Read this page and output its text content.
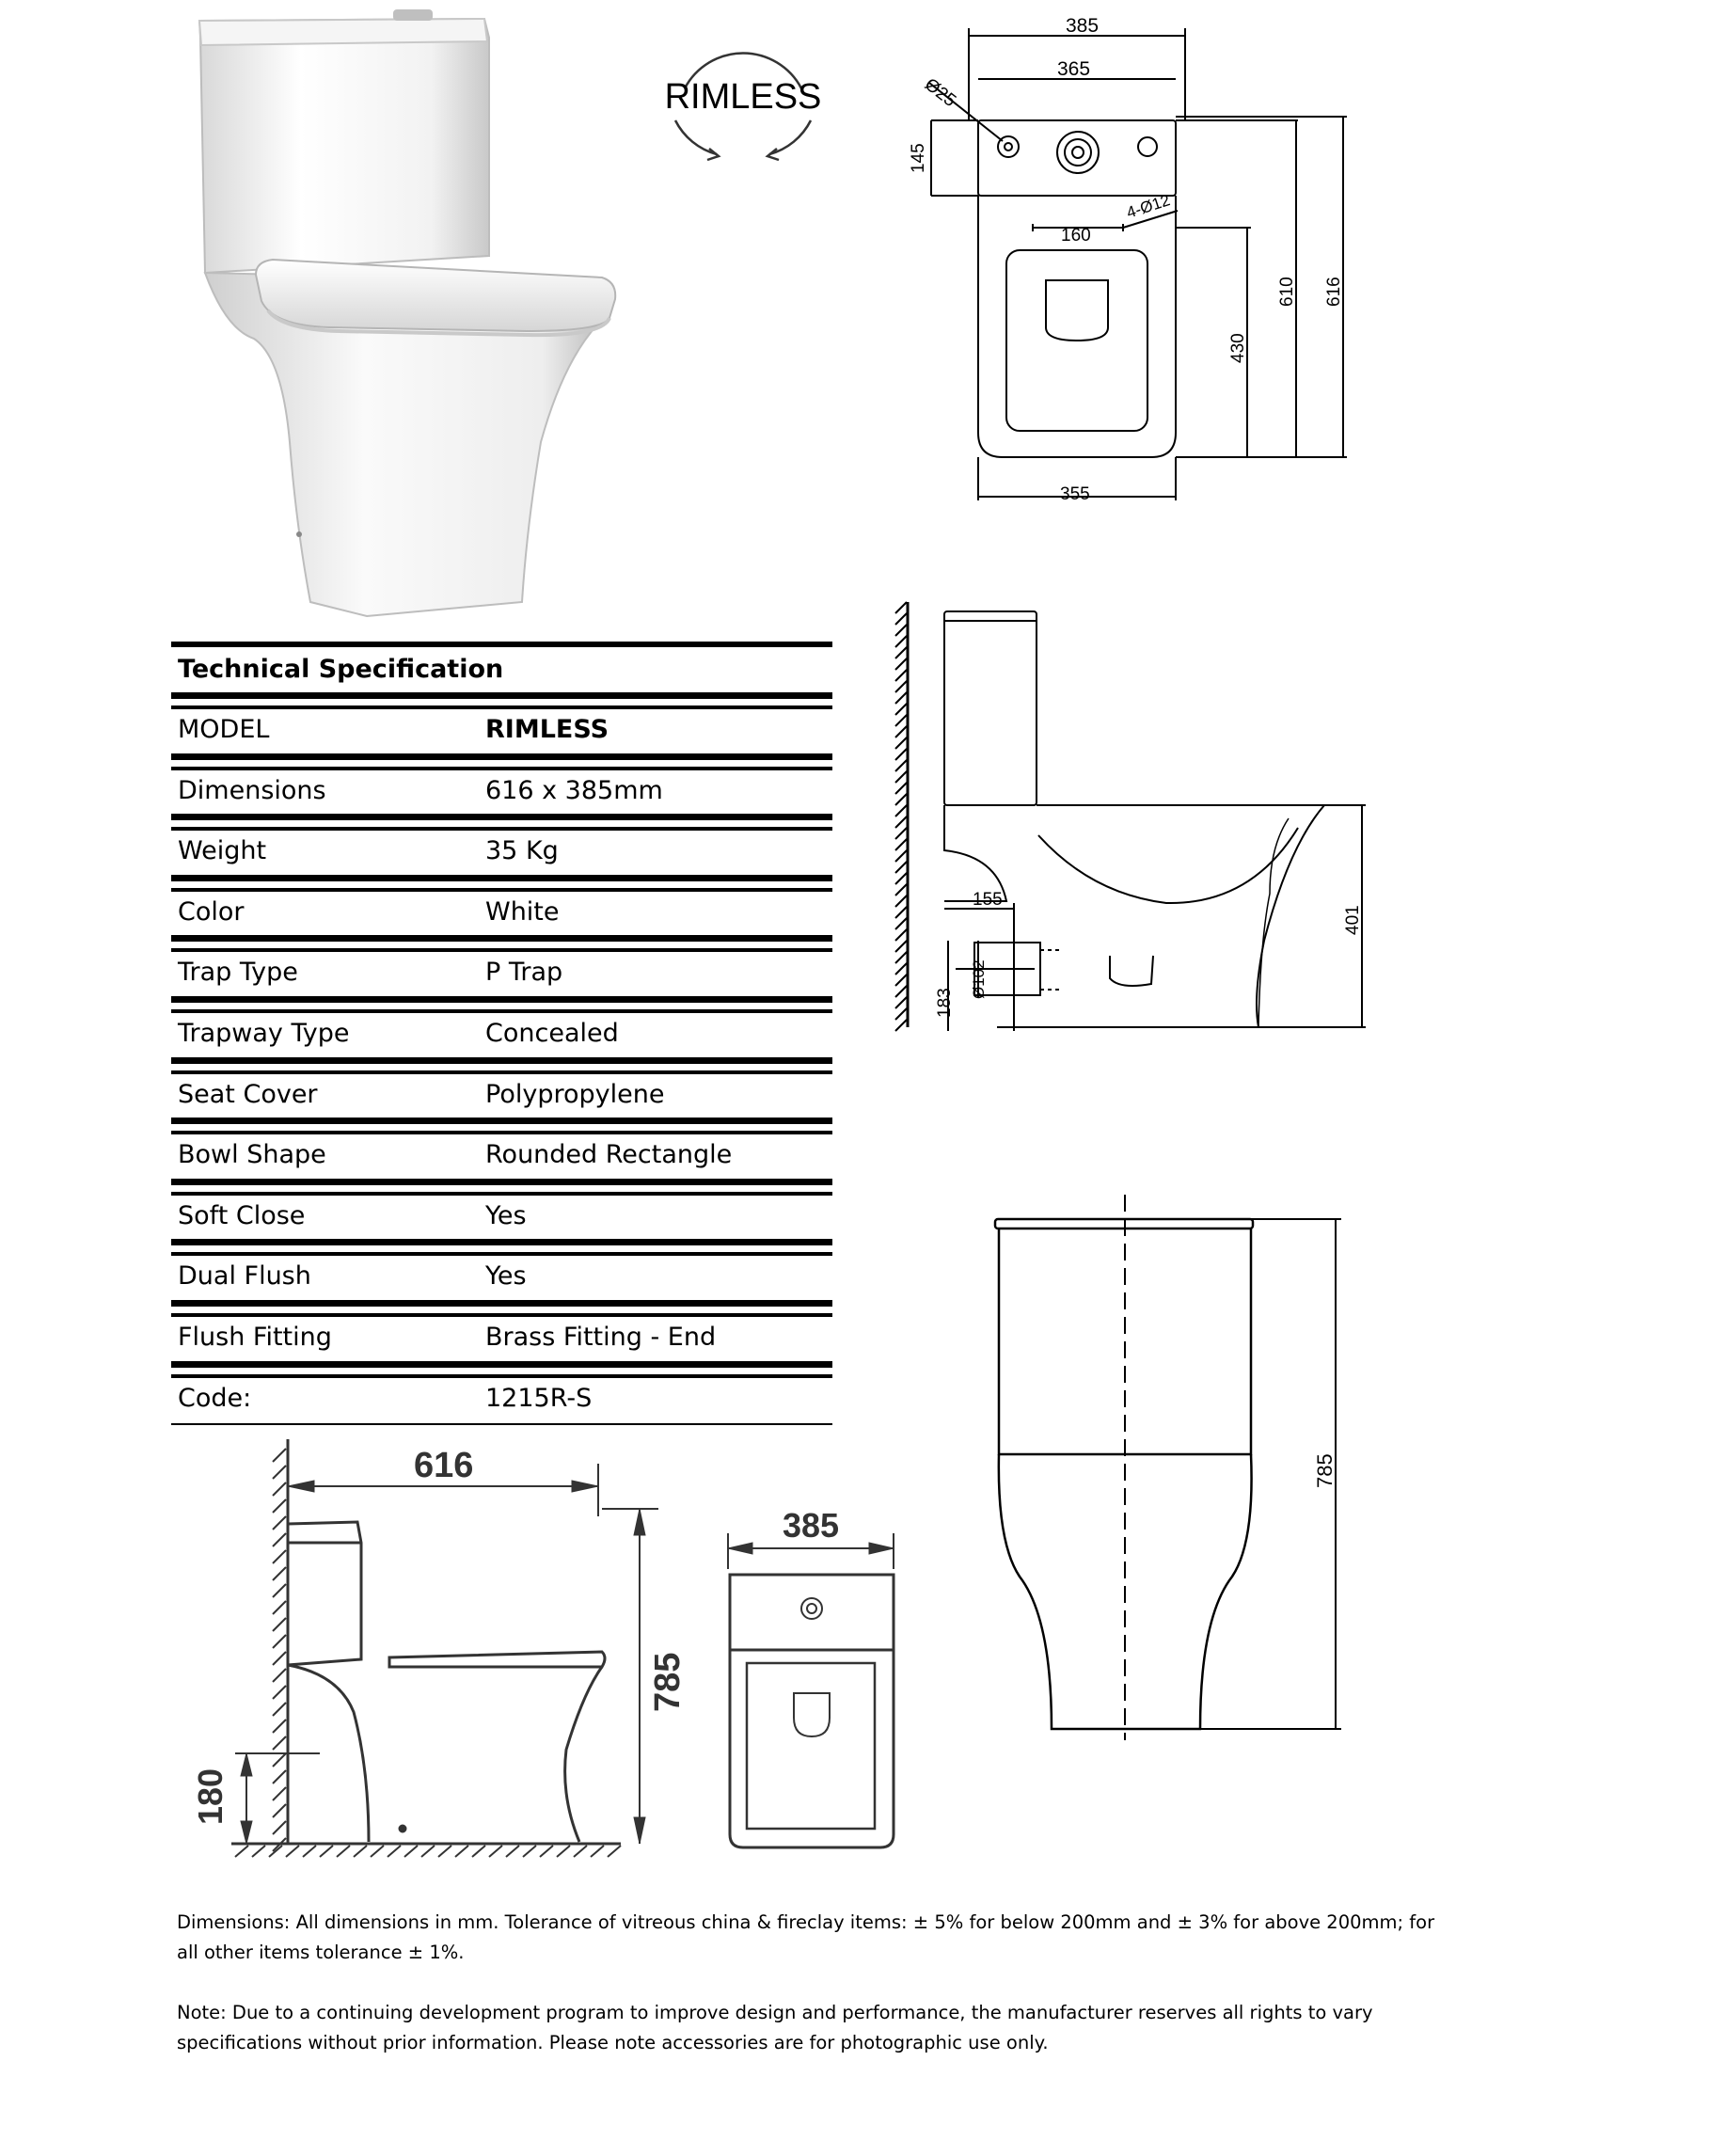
RIMLESS
385
365
Ø25
145
160
4-Ø12
610 616
430
355
155
Ø102
183
401
Technical Specification
MODEL	RIMLESS
Dimensions	616 x 385mm
Weight	35 Kg
Color	White
Trap Type	P Trap
Trapway Type	Concealed
Seat Cover	Polypropylene
Bowl Shape	Rounded Rectangle
Soft Close	Yes
Dual Flush	Yes
Flush Fitting	Brass Fitting - End
Code:	1215R-S
785
616
785
180
385
Dimensions: All dimensions in mm. Tolerance of vitreous china & fireclay items: ± 5% for below 200mm and ± 3% for above 200mm; for all other items tolerance ± 1%.
Note: Due to a continuing development program to improve design and performance, the manufacturer reserves all rights to vary specifications without prior information. Please note accessories are for photographic use only.
